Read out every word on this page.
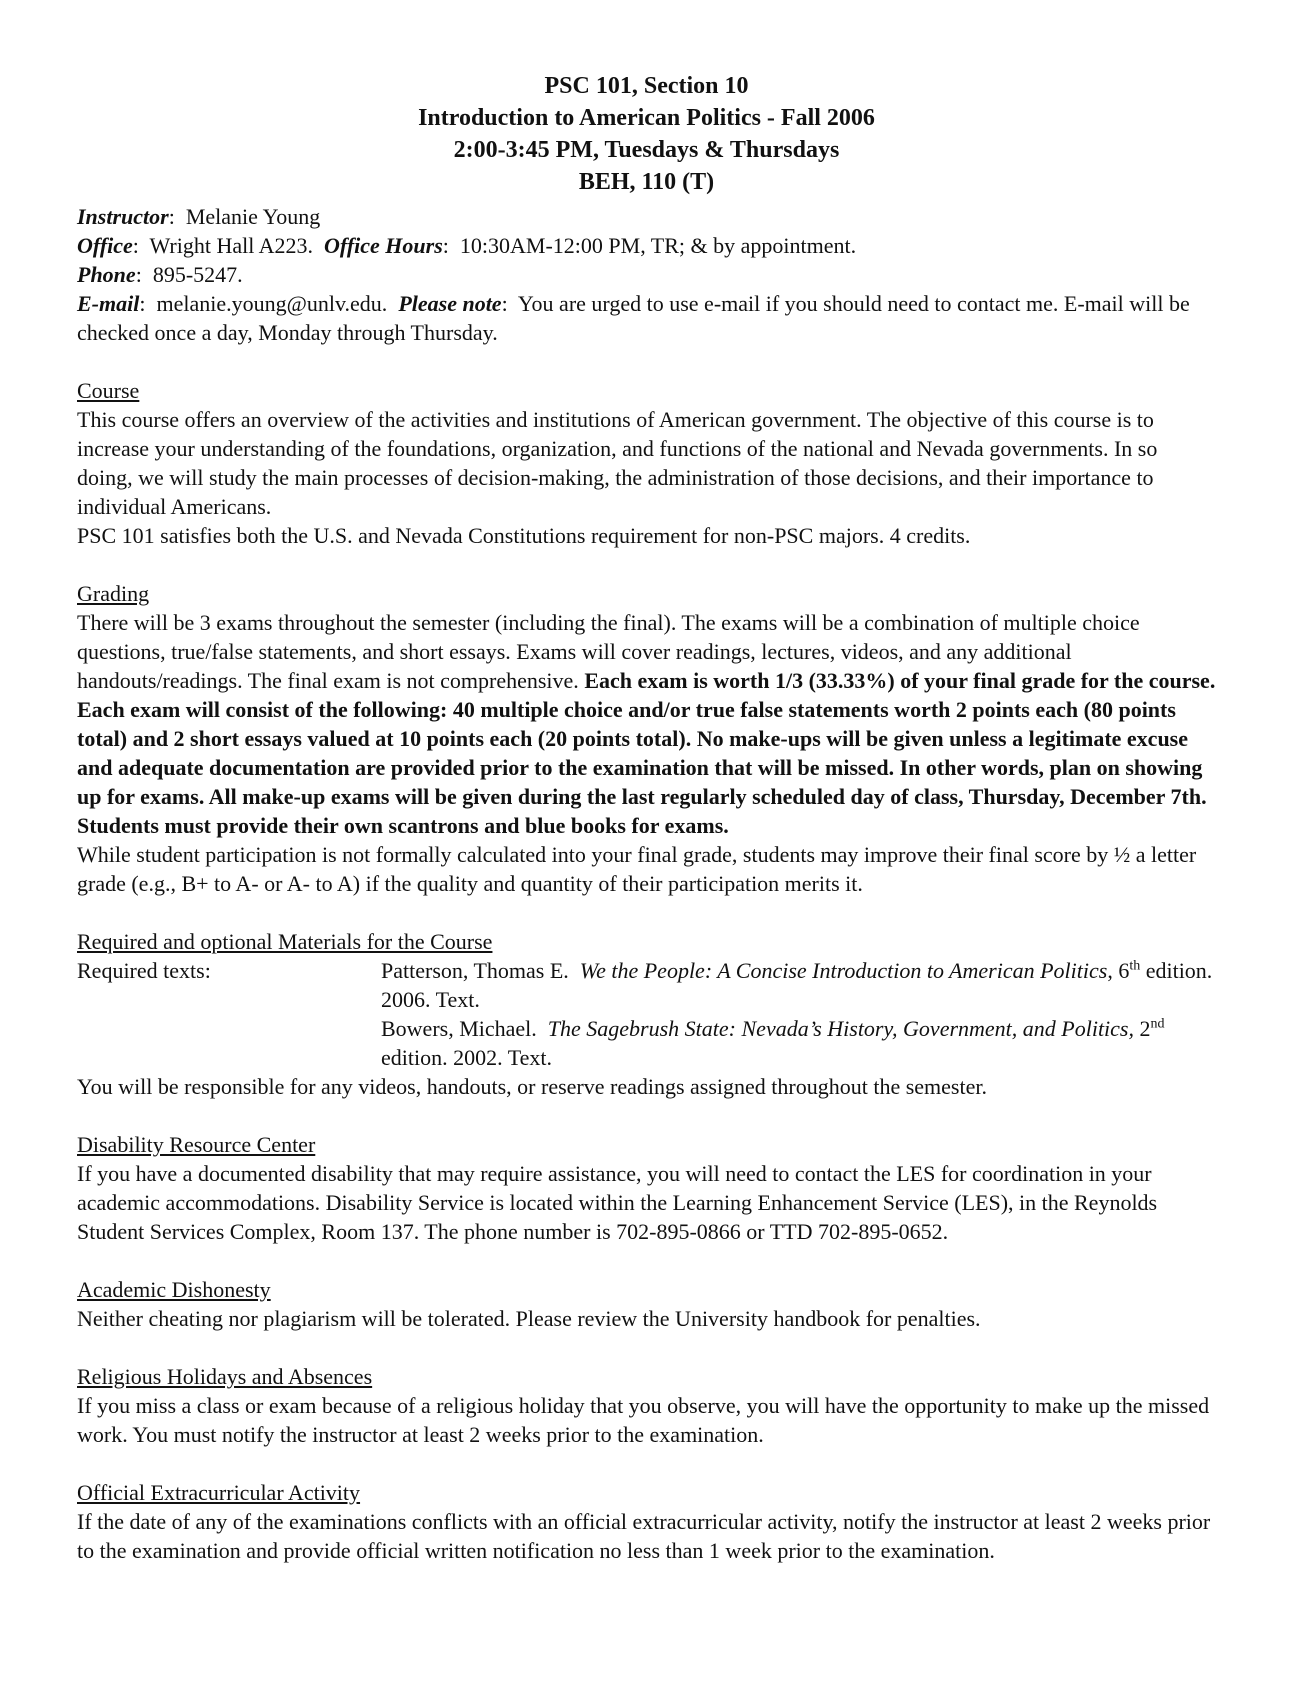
PSC 101, Section 10
Introduction to American Politics - Fall 2006
2:00-3:45 PM, Tuesdays & Thursdays
BEH, 110 (T)

Instructor:  Melanie Young

Office:  Wright Hall A223. Office Hours:  10:30AM-12:00 PM, TR; & by appointment.

Phone:  895-5247.

E-mail:  melanie.young@unlv.edu. Please note:  You are urged to use e-mail if you should need to contact me. E-mail will be checked once a day, Monday through Thursday.

Course

This course offers an overview of the activities and institutions of American government. The objective of this course is to increase your understanding of the foundations, organization, and functions of the national and Nevada governments. In so doing, we will study the main processes of decision-making, the administration of those decisions, and their importance to individual Americans.

PSC 101 satisfies both the U.S. and Nevada Constitutions requirement for non-PSC majors. 4 credits.

Grading

There will be 3 exams throughout the semester (including the final). The exams will be a combination of multiple choice questions, true/false statements, and short essays. Exams will cover readings, lectures, videos, and any additional handouts/readings. The final exam is not comprehensive. Each exam is worth 1/3 (33.33%) of your final grade for the course. Each exam will consist of the following: 40 multiple choice and/or true false statements worth 2 points each (80 points total) and 2 short essays valued at 10 points each (20 points total). No make-ups will be given unless a legitimate excuse and adequate documentation are provided prior to the examination that will be missed. In other words, plan on showing up for exams. All make-up exams will be given during the last regularly scheduled day of class, Thursday, December 7th. Students must provide their own scantrons and blue books for exams.

While student participation is not formally calculated into your final grade, students may improve their final score by ½ a letter grade (e.g., B+ to A- or A- to A) if the quality and quantity of their participation merits it.

Required and optional Materials for the Course
Required texts:	Patterson, Thomas E. We the People: A Concise Introduction to American Politics, 6th edition. 2006. Text.

Bowers, Michael. The Sagebrush State: Nevada’s History, Government, and Politics, 2nd edition. 2002. Text.

You will be responsible for any videos, handouts, or reserve readings assigned throughout the semester.

Disability Resource Center

If you have a documented disability that may require assistance, you will need to contact the LES for coordination in your academic accommodations. Disability Service is located within the Learning Enhancement Service (LES), in the Reynolds Student Services Complex, Room 137. The phone number is 702-895-0866 or TTD 702-895-0652.

Academic Dishonesty

Neither cheating nor plagiarism will be tolerated. Please review the University handbook for penalties.

Religious Holidays and Absences

If you miss a class or exam because of a religious holiday that you observe, you will have the opportunity to make up the missed work. You must notify the instructor at least 2 weeks prior to the examination.

Official Extracurricular Activity

If the date of any of the examinations conflicts with an official extracurricular activity, notify the instructor at least 2 weeks prior to the examination and provide official written notification no less than 1 week prior to the examination.
